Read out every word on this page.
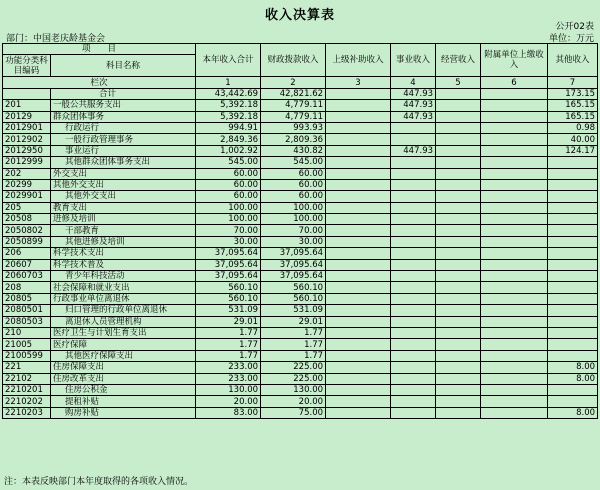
收入决算表
公开02表
部门：中国老庆龄基金会	单位：万元
项　　目		本年收入合计	财政拨款收入	上级补助收入	事业收入	经营收入	附属单位上缴收入	其他收入
功能分类科目编码	科目名称							

栏次		1	2	3	4	5	6	7
	合计	43,442.69	42,821.62		447.93			173.15
201	一般公共服务支出	5,392.18	4,779.11		447.93			165.15
20129	群众团体事务	5,392.18	4,779.11		447.93			165.15
2012901	行政运行	994.91	993.93					0.98
2012902	一般行政管理事务	2,849.36	2,809.36					40.00
2012950	事业运行	1,002.92	430.82		447.93			124.17
2012999	其他群众团体事务支出	545.00	545.00					
202	外交支出	60.00	60.00					
20299	其他外交支出	60.00	60.00					
2029901	其他外交支出	60.00	60.00					
205	教育支出	100.00	100.00					
20508	进修及培训	100.00	100.00					
2050802	干部教育	70.00	70.00					
2050899	其他进修及培训	30.00	30.00					
206	科学技术支出	37,095.64	37,095.64					
20607	科学技术普及	37,095.64	37,095.64					
2060703	青少年科技活动	37,095.64	37,095.64					
208	社会保障和就业支出	560.10	560.10					
20805	行政事业单位离退休	560.10	560.10					
2080501	归口管理的行政单位离退休	531.09	531.09					
2080503	离退休人员管理机构	29.01	29.01					
210	医疗卫生与计划生育支出	1.77	1.77					
21005	医疗保障	1.77	1.77					
2100599	其他医疗保障支出	1.77	1.77					
221	住房保障支出	233.00	225.00					8.00
22102	住房改革支出	233.00	225.00					8.00
2210201	住房公积金	130.00	130.00					
2210202	提租补贴	20.00	20.00					
2210203	购房补贴	83.00	75.00					8.00
注：本表反映部门本年度取得的各项收入情况。
